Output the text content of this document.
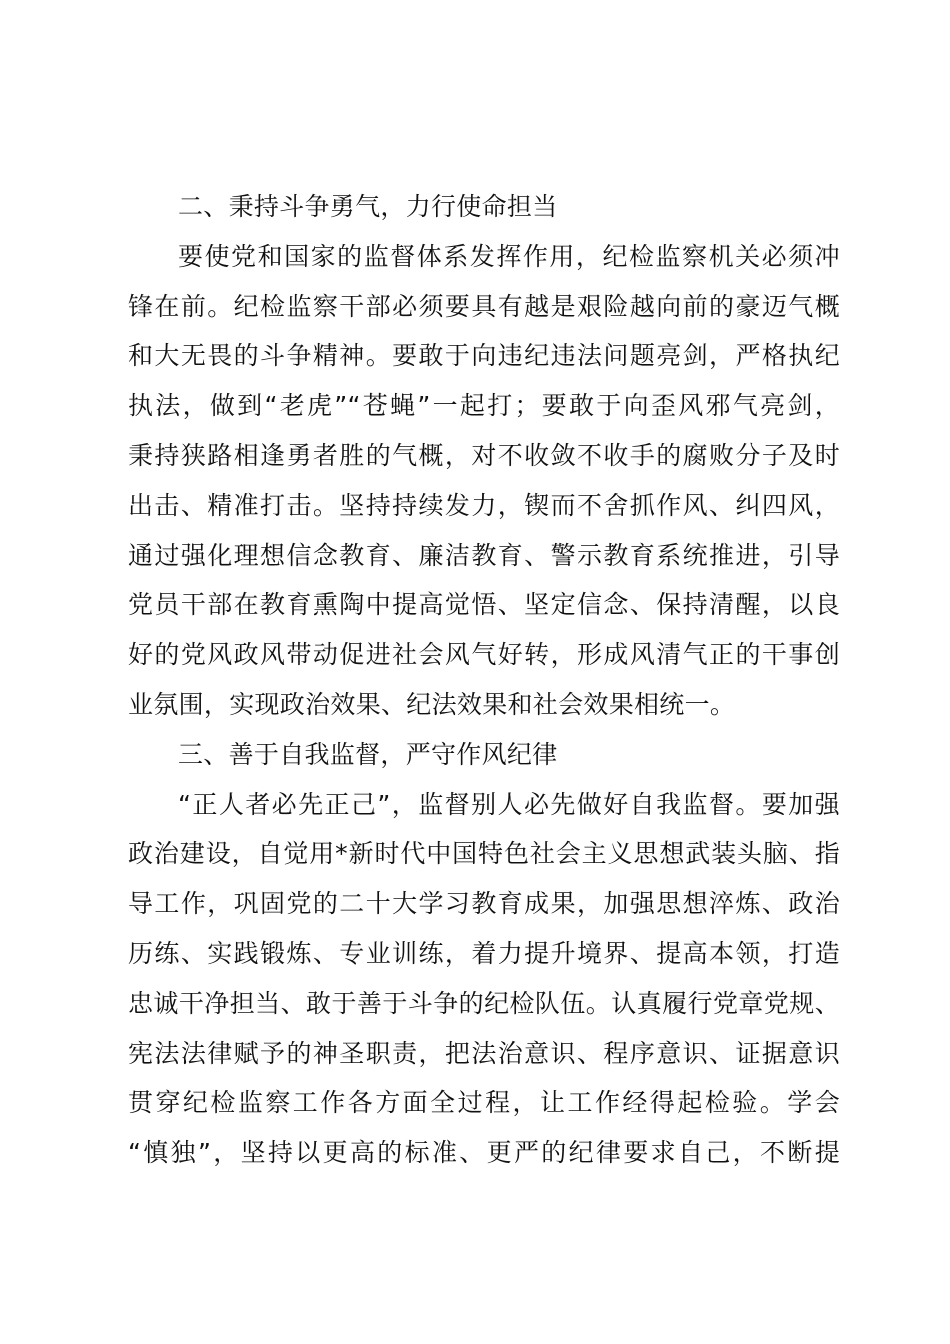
二、秉持斗争勇气，力行使命担当
要使党和国家的监督体系发挥作用，纪检监察机关必须冲
锋在前。纪检监察干部必须要具有越是艰险越向前的豪迈气概
和大无畏的斗争精神。要敢于向违纪违法问题亮剑，严格执纪
执法，做到“老虎”“苍蝇”一起打；要敢于向歪风邪气亮剑，
秉持狭路相逢勇者胜的气概，对不收敛不收手的腐败分子及时
出击、精准打击。坚持持续发力，锲而不舍抓作风、纠四风，
通过强化理想信念教育、廉洁教育、警示教育系统推进，引导
党员干部在教育熏陶中提高觉悟、坚定信念、保持清醒，以良
好的党风政风带动促进社会风气好转，形成风清气正的干事创
业氛围，实现政治效果、纪法效果和社会效果相统一。
三、善于自我监督，严守作风纪律
“正人者必先正己”，监督别人必先做好自我监督。要加强
政治建设，自觉用*新时代中国特色社会主义思想武装头脑、指
导工作，巩固党的二十大学习教育成果，加强思想淬炼、政治
历练、实践锻炼、专业训练，着力提升境界、提高本领，打造
忠诚干净担当、敢于善于斗争的纪检队伍。认真履行党章党规、
宪法法律赋予的神圣职责，把法治意识、程序意识、证据意识
贯穿纪检监察工作各方面全过程，让工作经得起检验。学会
“慎独”，坚持以更高的标准、更严的纪律要求自己，不断提
